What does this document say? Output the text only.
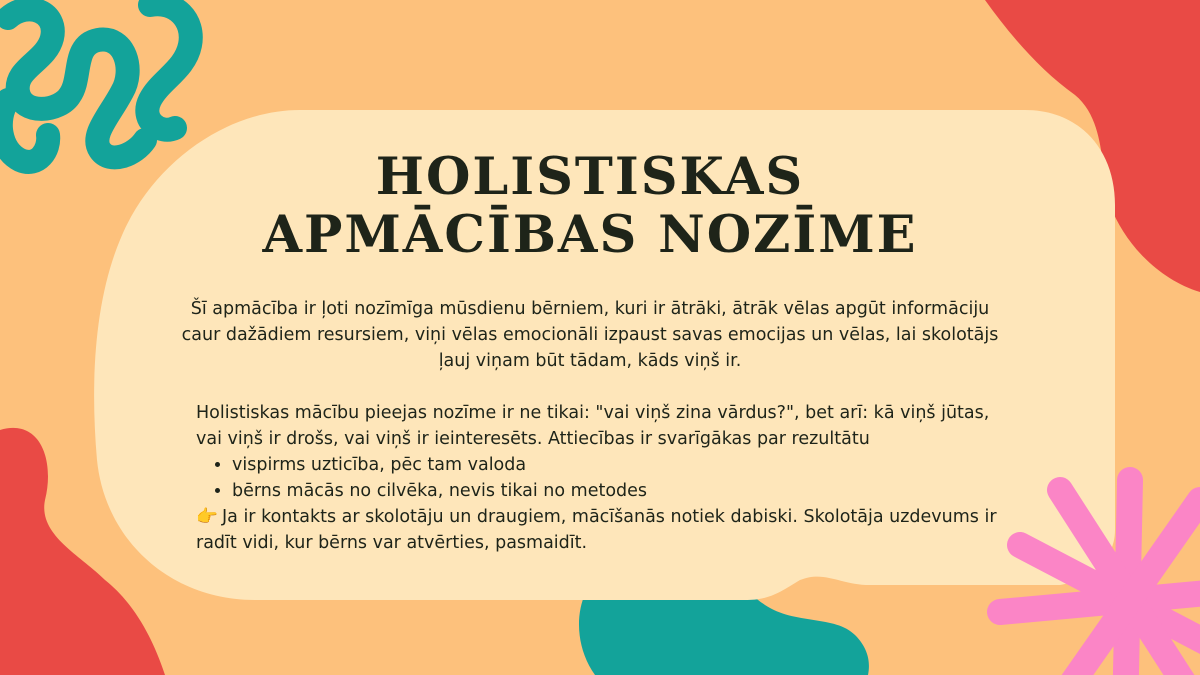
HOLISTISKAS
APMĀCĪBAS NOZĪME

Šī apmācība ir ļoti nozīmīga mūsdienu bērniem, kuri ir ātrāki, ātrāk vēlas apgūt informāciju caur dažādiem resursiem, viņi vēlas emocionāli izpaust savas emocijas un vēlas, lai skolotājs ļauj viņam būt tādam, kāds viņš ir.

Holistiskas mācību pieejas nozīme ir ne tikai: "vai viņš zina vārdus?", bet arī: kā viņš jūtas, vai viņš ir drošs, vai viņš ir ieinteresēts. Attiecības ir svarīgākas par rezultātu
• vispirms uzticība, pēc tam valoda
• bērns mācās no cilvēka, nevis tikai no metodes
👉 Ja ir kontakts ar skolotāju un draugiem, mācīšanās notiek dabiski. Skolotāja uzdevums ir radīt vidi, kur bērns var atvērties, pasmaidīt.
